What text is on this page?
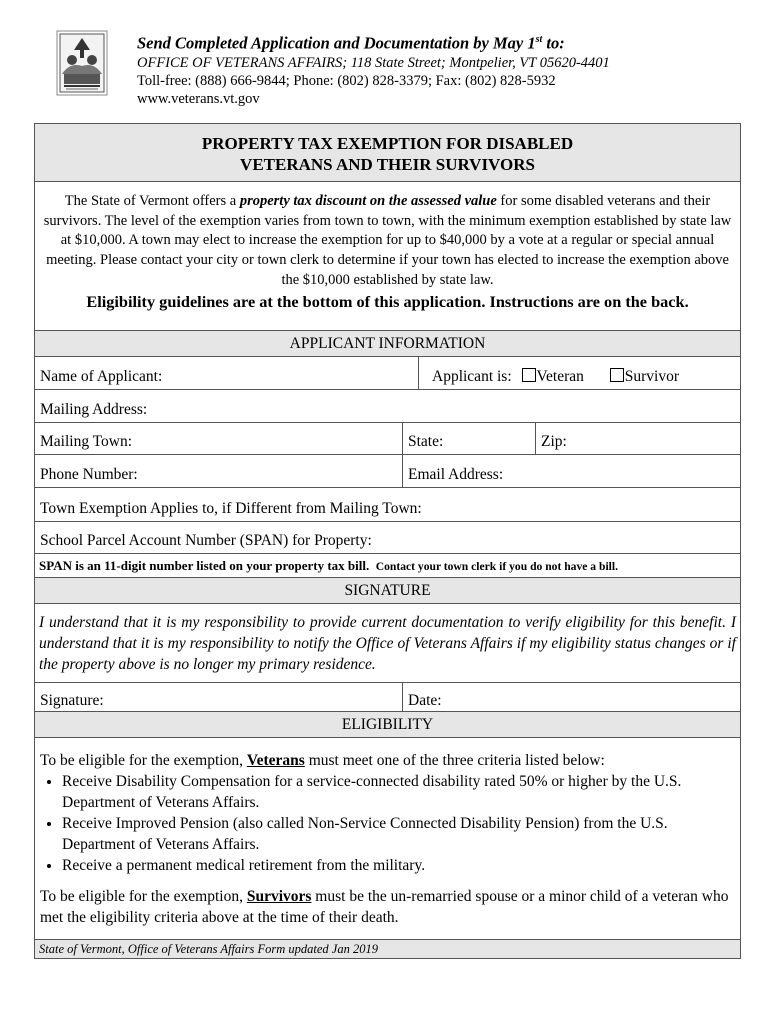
Send Completed Application and Documentation by May 1st to:
OFFICE OF VETERANS AFFAIRS; 118 State Street; Montpelier, VT 05620-4401
Toll-free: (888) 666-9844; Phone: (802) 828-3379; Fax: (802) 828-5932
www.veterans.vt.gov
PROPERTY TAX EXEMPTION FOR DISABLED
VETERANS AND THEIR SURVIVORS
The State of Vermont offers a property tax discount on the assessed value for some disabled veterans and their survivors. The level of the exemption varies from town to town, with the minimum exemption established by state law at $10,000. A town may elect to increase the exemption for up to $40,000 by a vote at a regular or special annual meeting. Please contact your city or town clerk to determine if your town has elected to increase the exemption above the $10,000 established by state law.
Eligibility guidelines are at the bottom of this application. Instructions are on the back.
APPLICANT INFORMATION
Name of Applicant:	Applicant is: Veteran	Survivor
Mailing Address:
Mailing Town:	State:	Zip:
Phone Number:	Email Address:
Town Exemption Applies to, if Different from Mailing Town:
School Parcel Account Number (SPAN) for Property:
SPAN is an 11-digit number listed on your property tax bill. Contact your town clerk if you do not have a bill.
SIGNATURE
I understand that it is my responsibility to provide current documentation to verify eligibility for this benefit. I understand that it is my responsibility to notify the Office of Veterans Affairs if my eligibility status changes or if the property above is no longer my primary residence.
Signature:	Date:
ELIGIBILITY

To be eligible for the exemption, Veterans must meet one of the three criteria listed below:

• Receive Disability Compensation for a service-connected disability rated 50% or higher by the U.S. Department of Veterans Affairs.
• Receive Improved Pension (also called Non-Service Connected Disability Pension) from the U.S. Department of Veterans Affairs.
• Receive a permanent medical retirement from the military.

To be eligible for the exemption, Survivors must be the un-remarried spouse or a minor child of a veteran who met the eligibility criteria above at the time of their death.

State of Vermont, Office of Veterans Affairs Form updated Jan 2019
